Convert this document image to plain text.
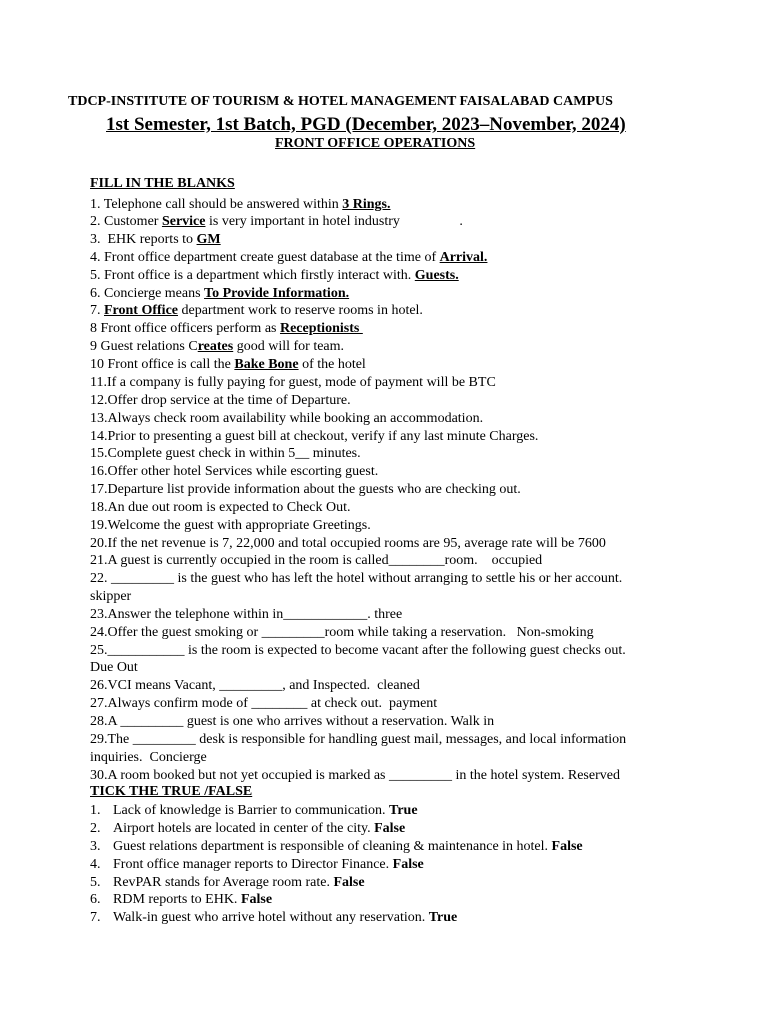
TDCP-INSTITUTE OF TOURISM & HOTEL MANAGEMENT FAISALABAD CAMPUS
1st Semester, 1st Batch, PGD (December, 2023–November, 2024)
FRONT OFFICE OPERATIONS
FILL IN THE BLANKS
1. Telephone call should be answered within 3 Rings.
2. Customer Service is very important in hotel industry                 .
3.  EHK reports to GM
4. Front office department create guest database at the time of Arrival.
5. Front office is a department which firstly interact with. Guests.
6. Concierge means To Provide Information.
7. Front Office department work to reserve rooms in hotel.
8 Front office officers perform as Receptionists
9 Guest relations Creates good will for team.
10 Front office is call the Bake Bone of the hotel
11.If a company is fully paying for guest, mode of payment will be BTC
12.Offer drop service at the time of Departure.
13.Always check room availability while booking an accommodation.
14.Prior to presenting a guest bill at checkout, verify if any last minute Charges.
15.Complete guest check in within 5__ minutes.
16.Offer other hotel Services while escorting guest.
17.Departure list provide information about the guests who are checking out.
18.An due out room is expected to Check Out.
19.Welcome the guest with appropriate Greetings.
20.If the net revenue is 7, 22,000 and total occupied rooms are 95, average rate will be 7600
21.A guest is currently occupied in the room is called________room.    occupied
22. _________ is the guest who has left the hotel without arranging to settle his or her account.
skipper
23.Answer the telephone within in____________. three
24.Offer the guest smoking or _________room while taking a reservation.   Non-smoking
25.___________ is the room is expected to become vacant after the following guest checks out.
Due Out
26.VCI means Vacant, _________, and Inspected.  cleaned
27.Always confirm mode of ________ at check out.  payment
28.A _________ guest is one who arrives without a reservation. Walk in
29.The _________ desk is responsible for handling guest mail, messages, and local information
inquiries.  Concierge
30.A room booked but not yet occupied is marked as _________ in the hotel system. Reserved
TICK THE TRUE /FALSE
1. Lack of knowledge is Barrier to communication. True
2. Airport hotels are located in center of the city. False
3. Guest relations department is responsible of cleaning & maintenance in hotel. False
4. Front office manager reports to Director Finance. False
5. RevPAR stands for Average room rate. False
6. RDM reports to EHK. False
7. Walk-in guest who arrive hotel without any reservation. True
